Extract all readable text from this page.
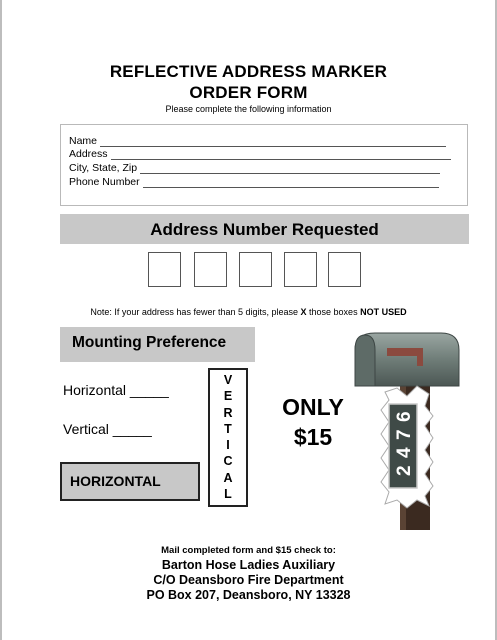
REFLECTIVE ADDRESS MARKER
ORDER FORM
Please complete the following information
Name
Address
City, State, Zip
Phone Number
Address Number Requested
Note: If your address has fewer than 5 digits, please X those boxes NOT USED
Mounting Preference
Horizontal _____
Vertical _____
HORIZONTAL
V
E
R
T
I
C
A
L
ONLY
$15
2
4
7
6
Mail completed form and $15 check to:
Barton Hose Ladies Auxiliary
C/O Deansboro Fire Department
PO Box 207, Deansboro, NY 13328
